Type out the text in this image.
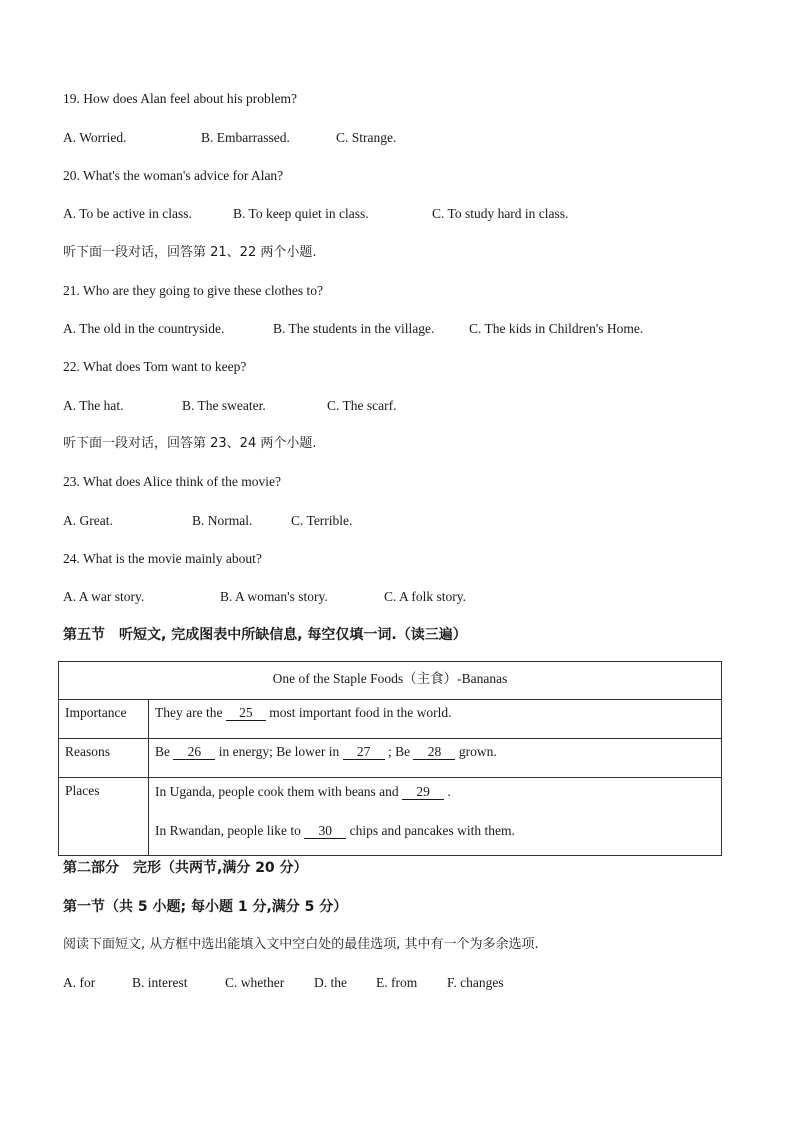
19. How does Alan feel about his problem?
A. Worried.	B. Embarrassed.	C. Strange.
20. What's the woman's advice for Alan?
A. To be active in class.	B. To keep quiet in class.	C. To study hard in class.
听下面一段对话，回答第 21、22 两个小题.
21. Who are they going to give these clothes to?
A. The old in the countryside.	B. The students in the village.	C. The kids in Children's Home.
22. What does Tom want to keep?
A. The hat.	B. The sweater.	C. The scarf.
听下面一段对话，回答第 23、24 两个小题.
23. What does Alice think of the movie?
A. Great.	B. Normal.	C. Terrible.
24. What is the movie mainly about?
A. A war story.	B. A woman's story.	C. A folk story.
第五节　听短文, 完成图表中所缺信息, 每空仅填一词.（读三遍）
One of the Staple Foods（主食）-Bananas	
Importance	They are the 25 most important food in the world.
Reasons	Be 26 in energy; Be lower in 27 ; Be 28 grown.
Places	In Uganda, people cook them with beans and 29 .
In Rwandan, people like to 30 chips and pancakes with them.
第二部分　完形（共两节,满分 20 分）
第一节（共 5 小题; 每小题 1 分,满分 5 分）
阅读下面短文, 从方框中选出能填入文中空白处的最佳选项, 其中有一个为多余选项.
A. for	B. interest	C. whether D. the E. from F. changes
